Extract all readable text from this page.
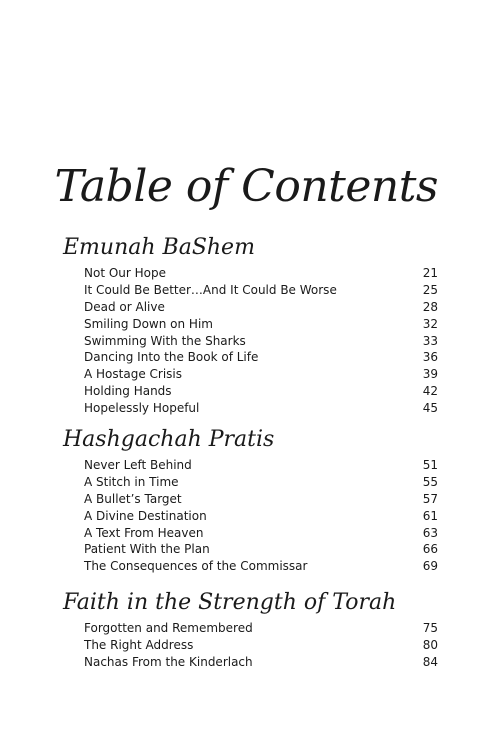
Table of Contents
Emunah BaShem
Not Our Hope	21
It Could Be Better…And It Could Be Worse	25
Dead or Alive	28
Smiling Down on Him	32
Swimming With the Sharks	33
Dancing Into the Book of Life	36
A Hostage Crisis	39
Holding Hands	42
Hopelessly Hopeful	45
Hashgachah Pratis
Never Left Behind	51
A Stitch in Time	55
A Bullet’s Target	57
A Divine Destination	61
A Text From Heaven	63
Patient With the Plan	66
The Consequences of the Commissar	69
Faith in the Strength of Torah
Forgotten and Remembered	75
The Right Address	80
Nachas From the Kinderlach	84
